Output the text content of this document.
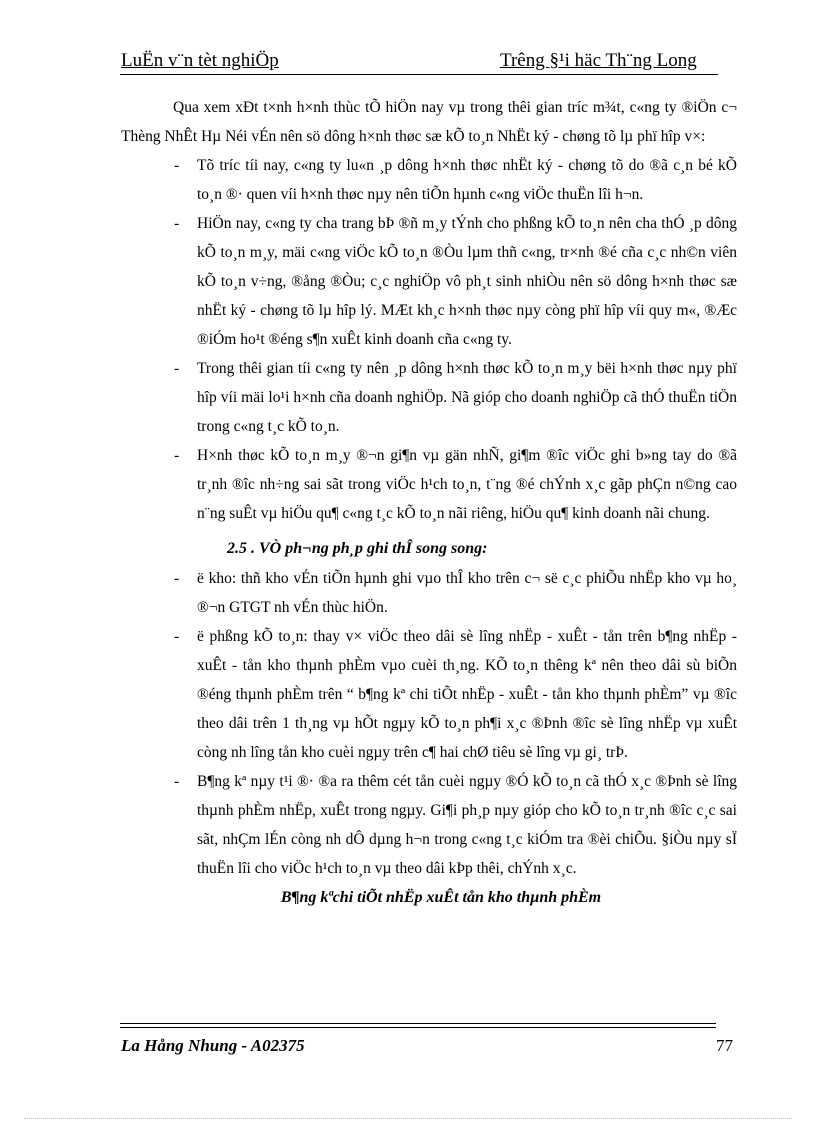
LuËn v¨n tèt nghiÖp	Trêng §¹i häc Th¨ng Long

Qua xem xÐt t×nh h×nh thùc tÕ hiÖn nay vµ trong thêi gian tríc m¾t, c«ng ty ®iÖn c¬ Thèng NhÊt Hµ Néi vÉn nên sö dông h×nh thøc sæ kÕ to¸n NhËt ký - chøng tõ lµ phï hîp v×:

- Tõ tríc tíi nay, c«ng ty lu«n ¸p dông h×nh thøc nhËt ký - chøng tõ do ®ã c¸n bé kÕ to¸n ®· quen víi h×nh thøc nµy nên tiÕn hµnh c«ng viÖc thuËn lîi h¬n.
- HiÖn nay, c«ng ty cha trang bÞ ®ñ m¸y tÝnh cho phßng kÕ to¸n nên cha thÓ ¸p dông kÕ to¸n m¸y, mäi c«ng viÖc kÕ to¸n ®Òu lµm thñ c«ng, tr×nh ®é cña c¸c nh©n viên kÕ to¸n v÷ng, ®ång ®Òu; c¸c nghiÖp vô ph¸t sinh nhiÒu nên sö dông h×nh thøc sæ nhËt ký - chøng tõ lµ hîp lý. MÆt kh¸c h×nh thøc nµy còng phï hîp víi quy m«, ®Æc ®iÓm ho¹t ®éng s¶n xuÊt kinh doanh cña c«ng ty.
- Trong thêi gian tíi c«ng ty nên ¸p dông h×nh thøc kÕ to¸n m¸y bëi h×nh thøc nµy phï hîp víi mäi lo¹i h×nh cña doanh nghiÖp. Nã gióp cho doanh nghiÖp cã thÓ thuËn tiÖn trong c«ng t¸c kÕ to¸n.
- H×nh thøc kÕ to¸n m¸y ®¬n gi¶n vµ gän nhÑ, gi¶m ®îc viÖc ghi b»ng tay do ®ã tr¸nh ®îc nh÷ng sai sãt trong viÖc h¹ch to¸n, t¨ng ®é chÝnh x¸c gãp phÇn n©ng cao n¨ng suÊt vµ hiÖu qu¶ c«ng t¸c kÕ to¸n nãi riêng, hiÖu qu¶ kinh doanh nãi chung.
2.5 . VÒ ph¬ng ph¸p ghi thÎ song song:
- ë kho: thñ kho vÉn tiÕn hµnh ghi vµo thÎ kho trên c¬ së c¸c phiÕu nhËp kho vµ ho¸ ®¬n GTGT nh vÉn thùc hiÖn.
- ë phßng kÕ to¸n: thay v× viÖc theo dâi sè lîng nhËp - xuÊt - tån trên b¶ng nhËp - xuÊt - tån kho thµnh phÈm vµo cuèi th¸ng. KÕ to¸n thêng kª nên theo dâi sù biÕn ®éng thµnh phÈm trên “ b¶ng kª chi tiÕt nhËp - xuÊt - tån kho thµnh phÈm” vµ ®îc theo dâi trên 1 th¸ng vµ hÕt ngµy kÕ to¸n ph¶i x¸c ®Þnh ®îc sè lîng nhËp vµ xuÊt còng nh lîng tån kho cuèi ngµy trên c¶ hai chØ tiêu sè lîng vµ gi¸ trÞ.
- B¶ng kª nµy t¹i ®· ®a ra thêm cét tån cuèi ngµy ®Ó kÕ to¸n cã thÓ x¸c ®Þnh sè lîng thµnh phÈm nhËp, xuÊt trong ngµy. Gi¶i ph¸p nµy gióp cho kÕ to¸n tr¸nh ®îc c¸c sai sãt, nhÇm lÉn còng nh dÔ dµng h¬n trong c«ng t¸c kiÓm tra ®èi chiÕu. §iÒu nµy sÏ thuËn lîi cho viÖc h¹ch to¸n vµ theo dâi kÞp thêi, chÝnh x¸c.

B¶ng kªchi tiÕt nhËp xuÊt tån kho thµnh phÈm

La Hång Nhung - A02375	77
